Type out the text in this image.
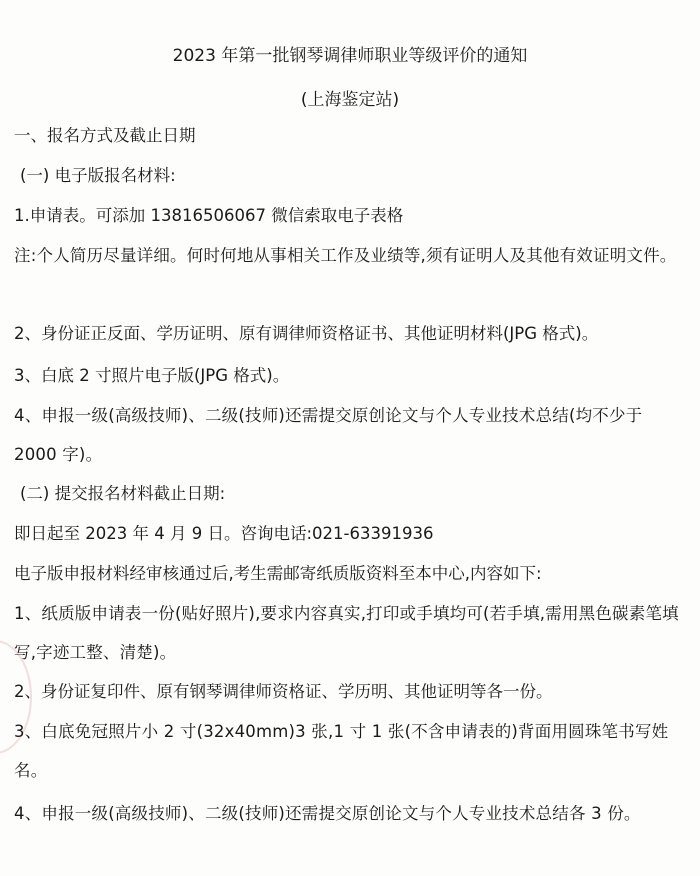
2023 年第一批钢琴调律师职业等级评价的通知
(上海鉴定站)
一、报名方式及截止日期
(一) 电子版报名材料:
1.申请表。可添加 13816506067 微信索取电子表格
注:个人简历尽量详细。何时何地从事相关工作及业绩等,须有证明人及其他有效证明文件。
2、身份证正反面、学历证明、原有调律师资格证书、其他证明材料(JPG 格式)。
3、白底 2 寸照片电子版(JPG 格式)。
4、申报一级(高级技师)、二级(技师)还需提交原创论文与个人专业技术总结(均不少于 2000 字)。
(二) 提交报名材料截止日期:
即日起至 2023 年 4 月 9 日。咨询电话:021-63391936
电子版申报材料经审核通过后,考生需邮寄纸质版资料至本中心,内容如下:
1、纸质版申请表一份(贴好照片),要求内容真实,打印或手填均可(若手填,需用黑色碳素笔填写,字迹工整、清楚)。
2、身份证复印件、原有钢琴调律师资格证、学历明、其他证明等各一份。
3、白底免冠照片小 2 寸(32x40mm)3 张,1 寸 1 张(不含申请表的)背面用圆珠笔书写姓名。
4、申报一级(高级技师)、二级(技师)还需提交原创论文与个人专业技术总结各 3 份。
